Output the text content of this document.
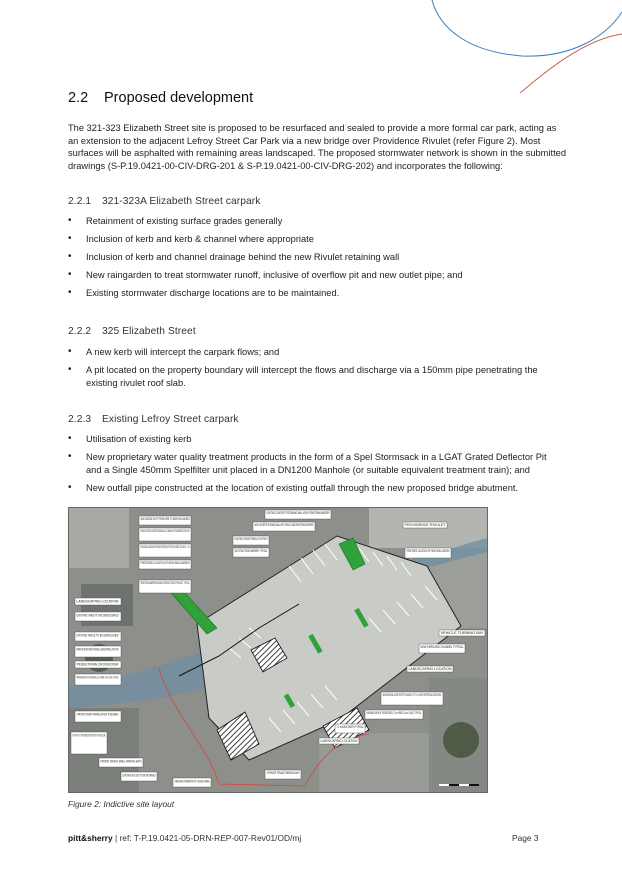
2.2 Proposed development

The 321-323 Elizabeth Street site is proposed to be resurfaced and sealed to provide a more formal car park, acting as an extension to the adjacent Lefroy Street Car Park via a new bridge over Providence Rivulet (refer Figure 2). Most surfaces will be asphalted with remaining areas landscaped. The proposed stormwater network is shown in the submitted drawings (S-P.19.0421-00-CIV-DRG-201 & S-P.19.0421-00-CIV-DRG-202) and incorporates the following:

2.2.1 321-323A Elizabeth Street carpark
• Retainment of existing surface grades generally
• Inclusion of kerb and kerb & channel where appropriate
• Inclusion of kerb and channel drainage behind the new Rivulet retaining wall
• New raingarden to treat stormwater runoff, inclusive of overflow pit and new outlet pipe; and
• Existing stormwater discharge locations are to be maintained.
2.2.2 325 Elizabeth Street
• A new kerb will intercept the carpark flows; and
• A pit located on the property boundary will intercept the flows and discharge via a 150mm pipe penetrating the existing rivulet roof slab.
2.2.3 Existing Lefroy Street carpark
• Utilisation of existing kerb
• New proprietary water quality treatment products in the form of a Spel Stormsack in a LGAT Grated Deflector Pit and a Single 450mm Spelfilter unit placed in a DN1200 Manhole (or suitable equivalent treatment train); and
• New outfall pipe constructed at the location of existing outfall through the new proposed bridge abutment.
NEW GRATED SW PIT FROM HERE TO NEW RAIN GARDEN
DEMOLISH EXISTING CONCRETE RETAINING WALL TO MAKE WAY FOR NEW BRIDGE STRUCTURE
NEW DOUBLE LANE BRIDGE WITH RAISED PEDESTRIAN FOOTPATH AND KERB. TOTAL WIDTH = 7.4 m
PROPOSED LOCATION OF NEW RAIN GARDEN
PEDESTRIAN BARRIER AROUND OPEN SECTIONS OF RIVULET, TYPICAL
LANDSCAPING LOCATION
EXISTING SHED TO BE DEMOLISHED
EXISTING FENCE TO BE DEMOLISHED
PARKING METER AND POSSIBLE LANDSCAPING LOCATION
PEDESTRIAN CROSSOVER
PARKING BAYS AT 90 DEGREES, 2.6 m WIDE, 5.4 m LONG, TYPICAL
4 PRIVATE TENANT PARKING BAYS AT 90 DEGREES
RIGHT OF WAY TO T'T TO BE CONVERTED AND RESTRICTED WITH LOCKABLE BOLLARD
PRIVATE TENANT SMALL PARKING BAYS
EXISTING ACCESS TO BE RETAINED
ORIGINAL PERIMETER OF LEASED AREA
EXISTING CONCRETE RETAINING WALL WITH PEDESTRIAN BARRIER
NEW CONCRETE RETAINING WALL WITH VEHICLE AND PEDESTRIAN BARRIERS
EXISTING PEDESTRIAN FOOTPATH
SW STRUCTURE BARRIER, TYPICAL
PROVIDENCE RIVULET
PROPOSED LOCATION OF NEW RAIN GARDEN
VEHICLE TURNING BAY
NEW KERB AND CHANNEL TYPICAL
LANDSCAPING LOCATION
NEW GARDEN WALL ALONG PROPERTY BOUNDARY, UP TO 0.7 m HEIGHT DIFFERENTIAL ACROSS FENCE
PARKING BAYS AT 90 DEGREES, 2.6 m WIDE, 5.4 m LONG, TYPICAL
7.0 m AISLE WIDTH TYPICAL
LANDSCAPING LOCATION
4 PRIVATE TENANT PARKING BAYS

Figure 2: Indictive site layout

pitt&sherry | ref: T-P.19.0421-05-DRN-REP-007-Rev01/OD/mj	Page 3
